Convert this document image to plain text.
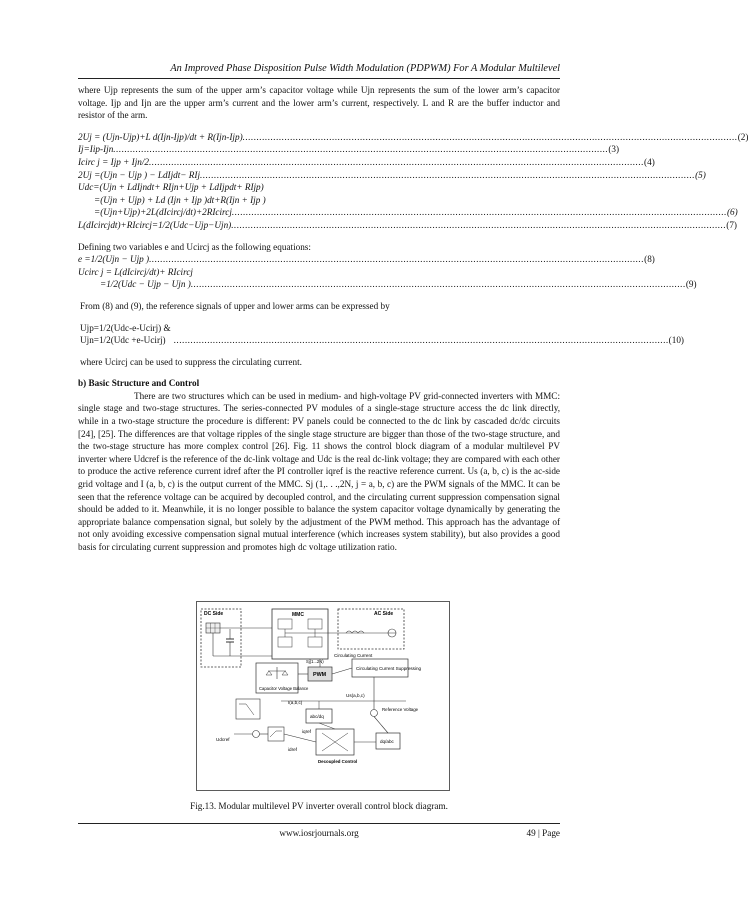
An Improved Phase Disposition Pulse Width Modulation (PDPWM) For A Modular Multilevel

where Ujp represents the sum of the upper arm’s capacitor voltage while Ujn represents the sum of the lower arm’s capacitor voltage. Ijp and Ijn are the upper arm’s current and the lower arm’s current, respectively. L and R are the buffer inductor and resistor of the arm.

2Uj = (Ujn-Ujp)+L d(Ijn-Ijp)/dt + R(Ijn-Ijp) ................................................................................................................................................................................. (2)
Ij=Iip-Ijn ................................................................................................................................................................................. (3)
Icirc j = Ijp + Ijn/2 ................................................................................................................................................................................. (4)
2Uj =(Ujn − Ujp ) − LdIjdt− RIj ................................................................................................................................................................................. (5)
Udc=(Ujn + LdIjndt+ RIjn+Ujp + LdIjpdt+ RIjp)
=(Ujn + Ujp) + Ld (Ijn + Ijp )dt+R(Ijn + Ijp )
=(Ujn+Ujp)+2L(dIcircj/dt)+2RIcircj ................................................................................................................................................................................. (6)
L(dIcircjdt)+RIcircj=1/2(Udc−Ujp−Ujn) ................................................................................................................................................................................. (7)

Defining two variables e and Ucircj as the following equations:

e =1/2(Ujn − Ujp ) ................................................................................................................................................................................. (8)
Ucirc j = L(dIcircj/dt)+ RIcircj
=1/2(Udc − Ujp − Ujn ) ................................................................................................................................................................................. (9)

From (8) and (9), the reference signals of upper and lower arms can be expressed by

Ujp=1/2(Udc-e-Ucirj) &
Ujn=1/2(Udc +e-Ucirj) ................................................................................................................................................................................. (10)

where Ucircj can be used to suppress the circulating current.

b) Basic Structure and Control

There are two structures which can be used in medium- and high-voltage PV grid-connected inverters with MMC: single stage and two-stage structures. The series-connected PV modules of a single-stage structure access the dc link directly, while in a two-stage structure the procedure is different: PV panels could be connected to the dc link by cascaded dc/dc circuits [24], [25]. The differences are that voltage ripples of the single stage structure are bigger than those of the two-stage structure, and the two-stage structure has more complex control [26]. Fig. 11 shows the control block diagram of a modular multilevel PV inverter where Udcref is the reference of the dc-link voltage and Udc is the real dc-link voltage; they are compared with each other to produce the active reference current idref after the PI controller iqref is the reactive reference current. Us (a, b, c) is the ac-side grid voltage and I (a, b, c) is the output current of the MMC. Sj (1,. . .,2N, j = a, b, c) are the PWM signals of the MMC. It can be seen that the reference voltage can be acquired by decoupled control, and the circulating current suppression compensation signal should be added to it. Meanwhile, it is no longer possible to balance the system capacitor voltage dynamically by generating the appropriate balance compensation signal, but solely by the adjustment of the PWM method. This approach has the advantage of not only avoiding excessive compensation signal mutual interference (which increases system stability), but also provides a good basis for circulating current suppression and promotes high dc voltage utilization ratio.

DC Side	MMC	AC Side
Circulating Current
Circulating Current Suppressing
PWM
Sj(1...2N)
Capacitor Voltage Balance
I(a,b,c)
Us(a,b,c)
abc/dq
Reference Voltage
Udcref
idref
iqref
Decoupled Control
dq/abc
Fig.13. Modular multilevel PV inverter overall control block diagram.
www.iosrjournals.org	49 | Page
